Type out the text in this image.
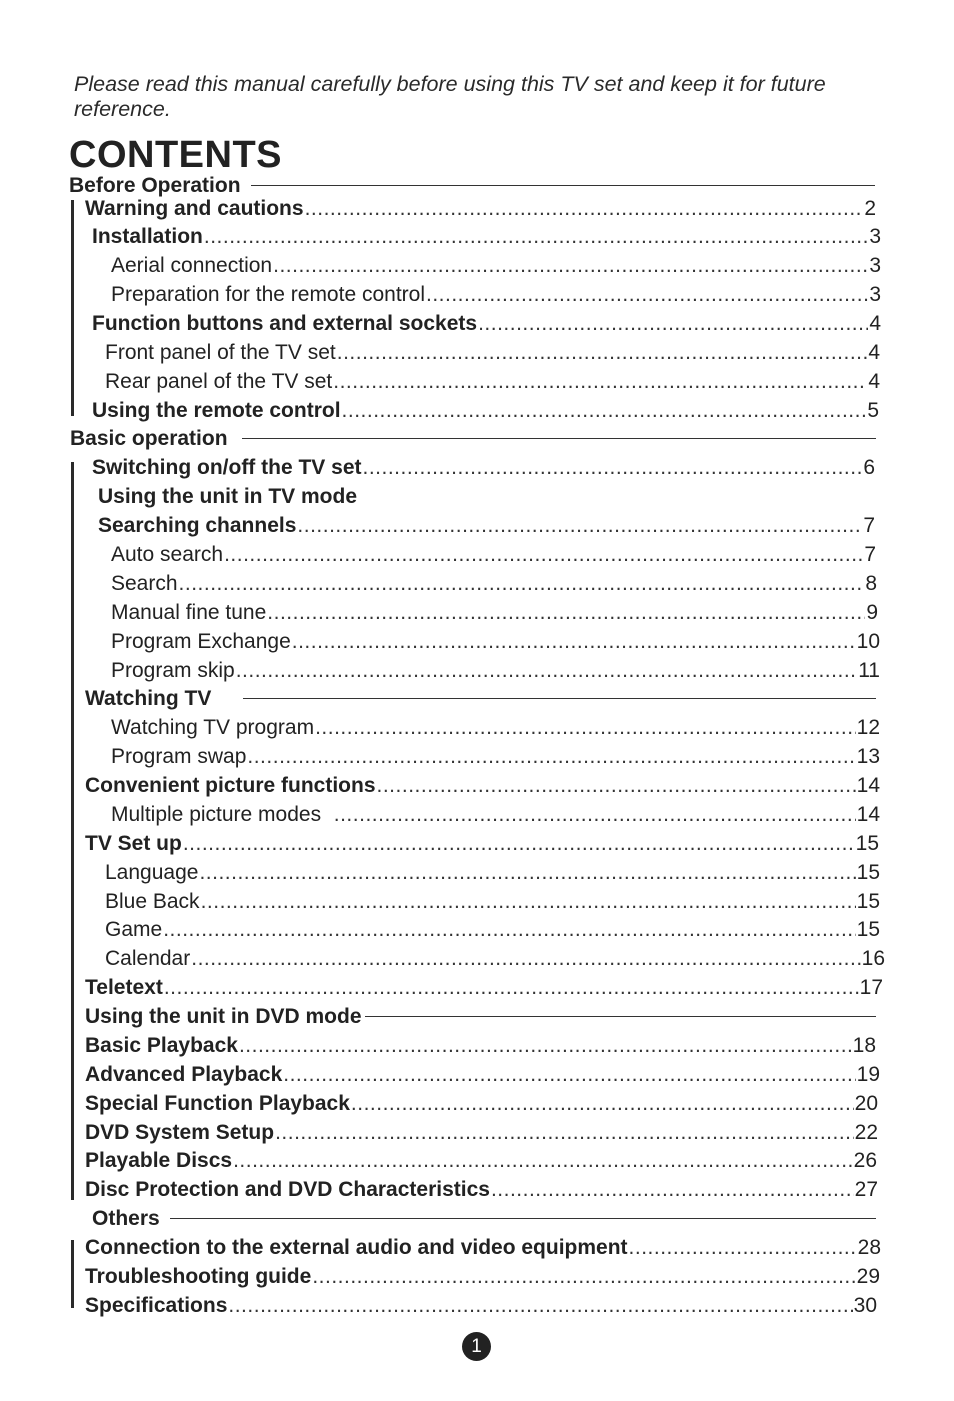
Please read this manual carefully before using this TV set and keep it for future reference.
CONTENTS
Before Operation
Warning and cautions .....	2
Installation .....	3
Aerial connection .....	3
Preparation for the remote control .....	3
Function buttons and external sockets .....	4
Front panel of the TV set .....	4
Rear panel of the TV set .....	4
Using the remote control .....	5
Basic operation
Switching on/off the TV set .....	6
Using the unit in TV mode
Searching channels .....	7
Auto search .....	7
Search .....	8
Manual fine tune .....	9
Program Exchange .....	10
Program skip .....	11
Watching TV
Watching TV program .....	12
Program swap .....	13
Convenient picture functions .....	14
Multiple picture modes .....	14
TV Set up .....	15
Language .....	15
Blue Back .....	15
Game .....	15
Calendar .....	16
Teletext .....	17
Using the unit in DVD mode
Basic Playback .....	18
Advanced Playback .....	19
Special Function Playback .....	20
DVD System Setup .....	22
Playable Discs .....	26
Disc Protection and DVD Characteristics .....	27
Others
Connection to the external audio and video equipment .....	28
Troubleshooting guide .....	29
Specifications .....	30
1
